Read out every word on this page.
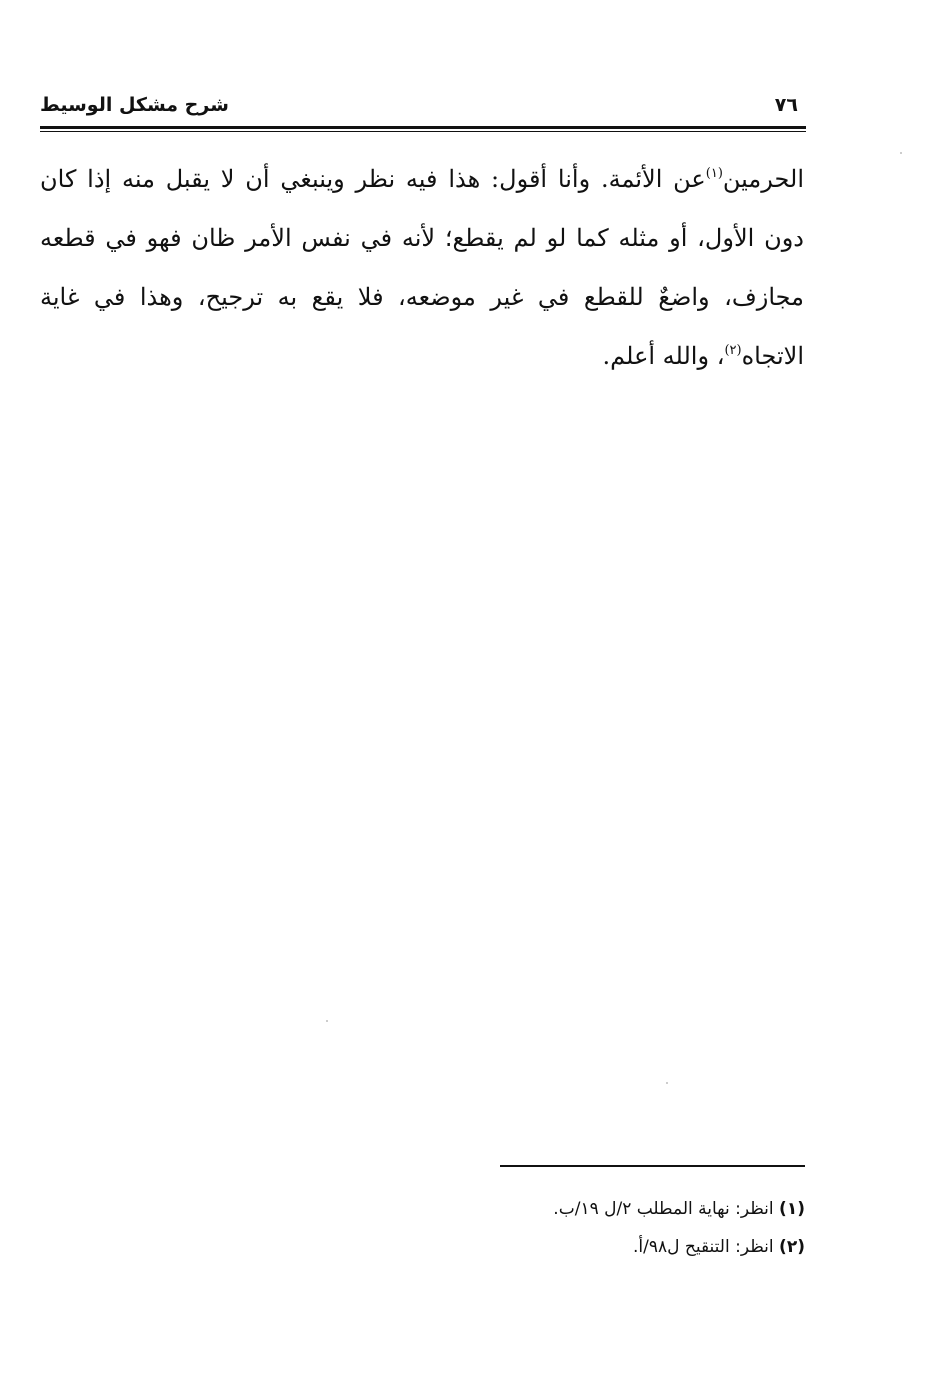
٧٦
شرح مشكل الوسيط
الحرمين$^{(١)}$عن الأئمة. وأنا أقول: هذا فيه نظر وينبغي أن لا يقبل منه إذا كان
دون الأول، أو مثله كما لو لم يقطع؛ لأنه في نفس الأمر ظان فهو في قطعه
مجازف، واضعٌ للقطع في غير موضعه، فلا يقع به ترجيح، وهذا في غاية
الاتجاه$^{(٢)}$، والله أعلم.
(١) انظر: نهاية المطلب ٢/ل ١٩/ب.
(٢) انظر: التنقيح ل٩٨/أ.
